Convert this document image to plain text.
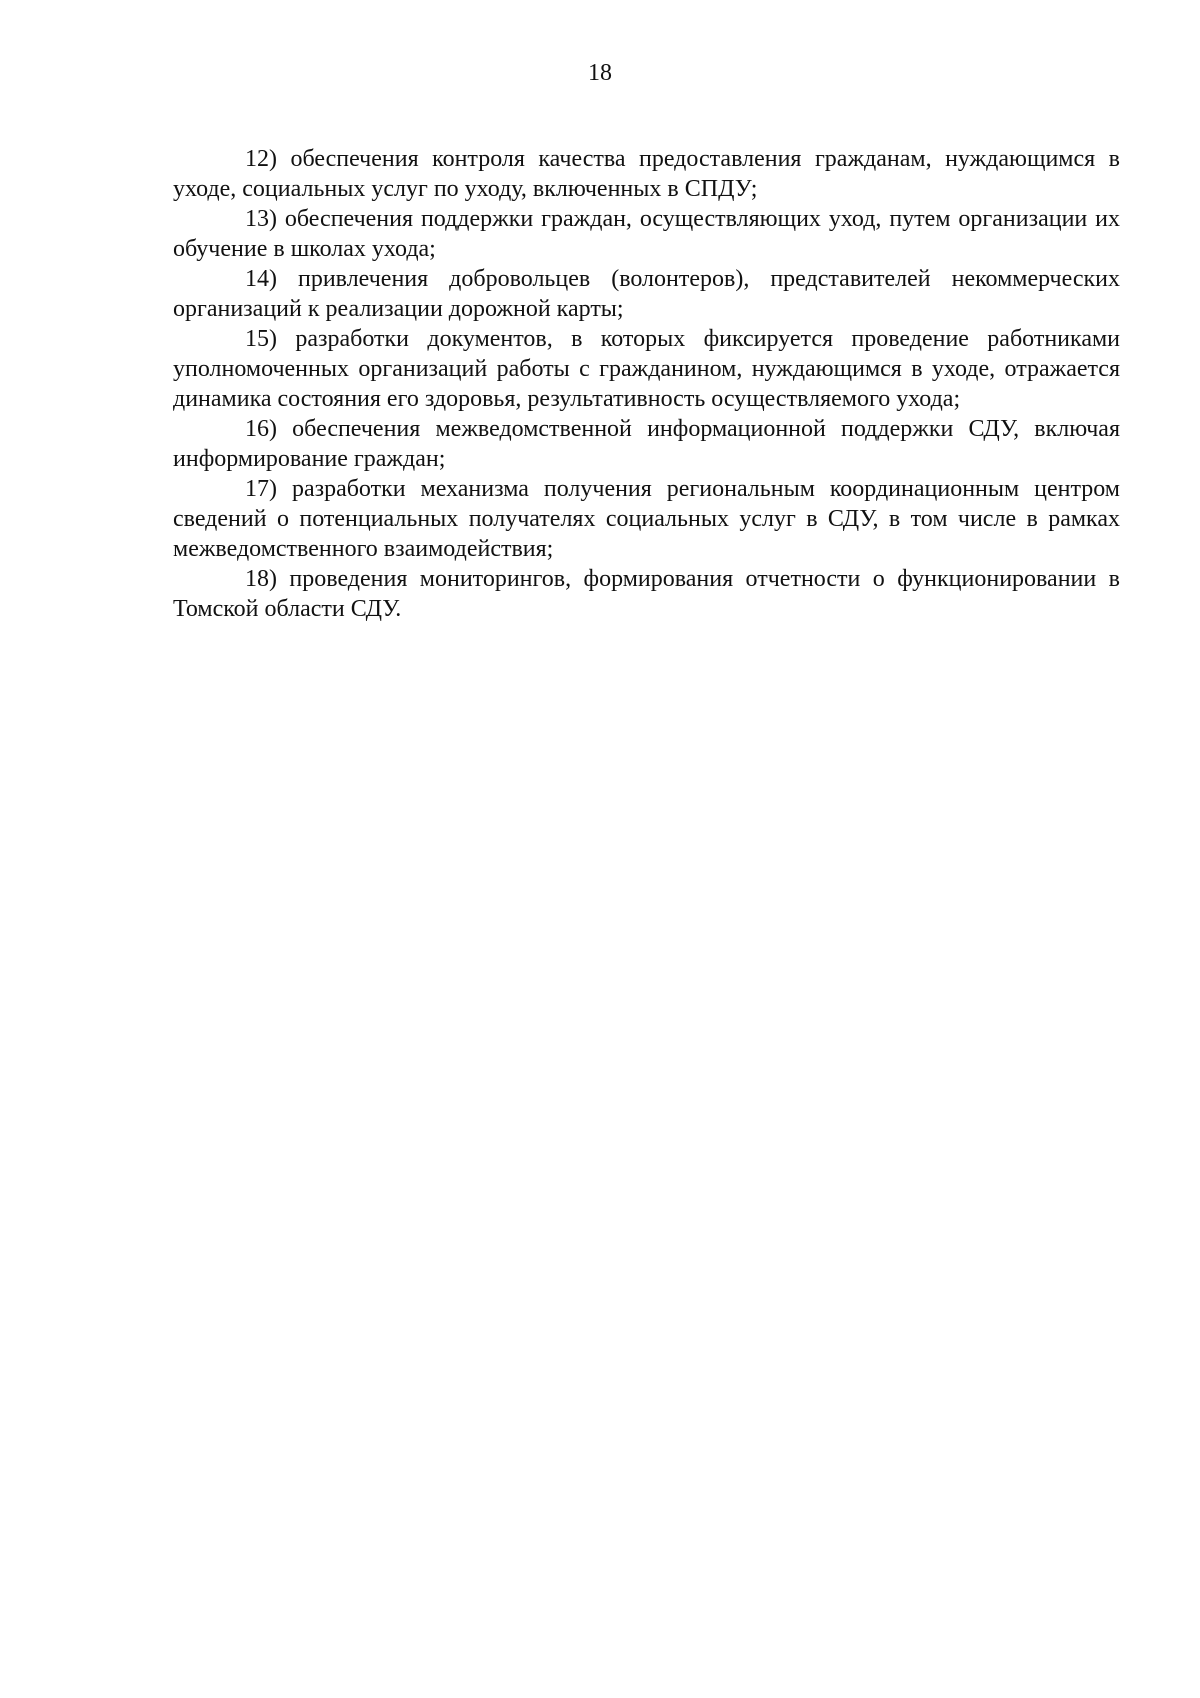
18

12) обеспечения контроля качества предоставления гражданам, нуждающимся в уходе, социальных услуг по уходу, включенных в СПДУ;

13) обеспечения поддержки граждан, осуществляющих уход, путем организации их обучение в школах ухода;

14) привлечения добровольцев (волонтеров), представителей некоммерческих организаций к реализации дорожной карты;

15) разработки документов, в которых фиксируется проведение работниками уполномоченных организаций работы с гражданином, нуждающимся в уходе, отражается динамика состояния его здоровья, результативность осуществляемого ухода;

16) обеспечения межведомственной информационной поддержки СДУ, включая информирование граждан;

17) разработки механизма получения региональным координационным центром сведений о потенциальных получателях социальных услуг в СДУ, в том числе в рамках межведомственного взаимодействия;

18) проведения мониторингов, формирования отчетности о функционировании в Томской области СДУ.
